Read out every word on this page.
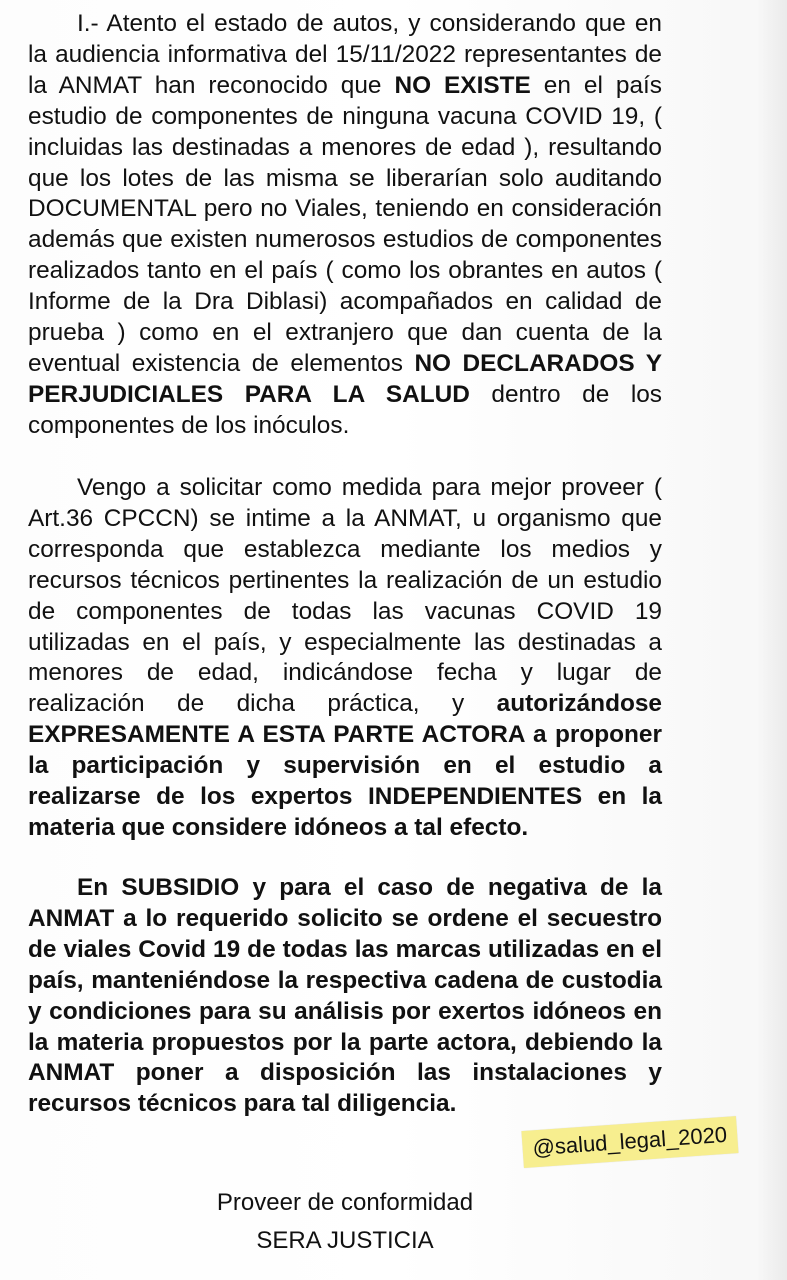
I.- Atento el estado de autos, y considerando que en la audiencia informativa del 15/11/2022 representantes de la ANMAT han reconocido que NO EXISTE en el país estudio de componentes de ninguna vacuna COVID 19, ( incluidas las destinadas a menores de edad ), resultando que los lotes de las misma se liberarían solo auditando DOCUMENTAL pero no Viales, teniendo en consideración además que existen numerosos estudios de componentes realizados tanto en el país ( como los obrantes en autos ( Informe de la Dra Diblasi) acompañados en calidad de prueba ) como en el extranjero que dan cuenta de la eventual existencia de elementos NO DECLARADOS Y PERJUDICIALES PARA LA SALUD dentro de los componentes de los inóculos.

Vengo a solicitar como medida para mejor proveer ( Art.36 CPCCN) se intime a la ANMAT, u organismo que corresponda que establezca mediante los medios y recursos técnicos pertinentes la realización de un estudio de componentes de todas las vacunas COVID 19 utilizadas en el país, y especialmente las destinadas a menores de edad, indicándose fecha y lugar de realización de dicha práctica, y autorizándose EXPRESAMENTE A ESTA PARTE ACTORA a proponer la participación y supervisión en el estudio a realizarse de los expertos INDEPENDIENTES en la materia que considere idóneos a tal efecto.

En SUBSIDIO y para el caso de negativa de la ANMAT a lo requerido solicito se ordene el secuestro de viales Covid 19 de todas las marcas utilizadas en el país, manteniéndose la respectiva cadena de custodia y condiciones para su análisis por exertos idóneos en la materia propuestos por la parte actora, debiendo la ANMAT poner a disposición las instalaciones y recursos técnicos para tal diligencia.

Proveer de conformidad
SERA JUSTICIA
@salud_legal_2020
